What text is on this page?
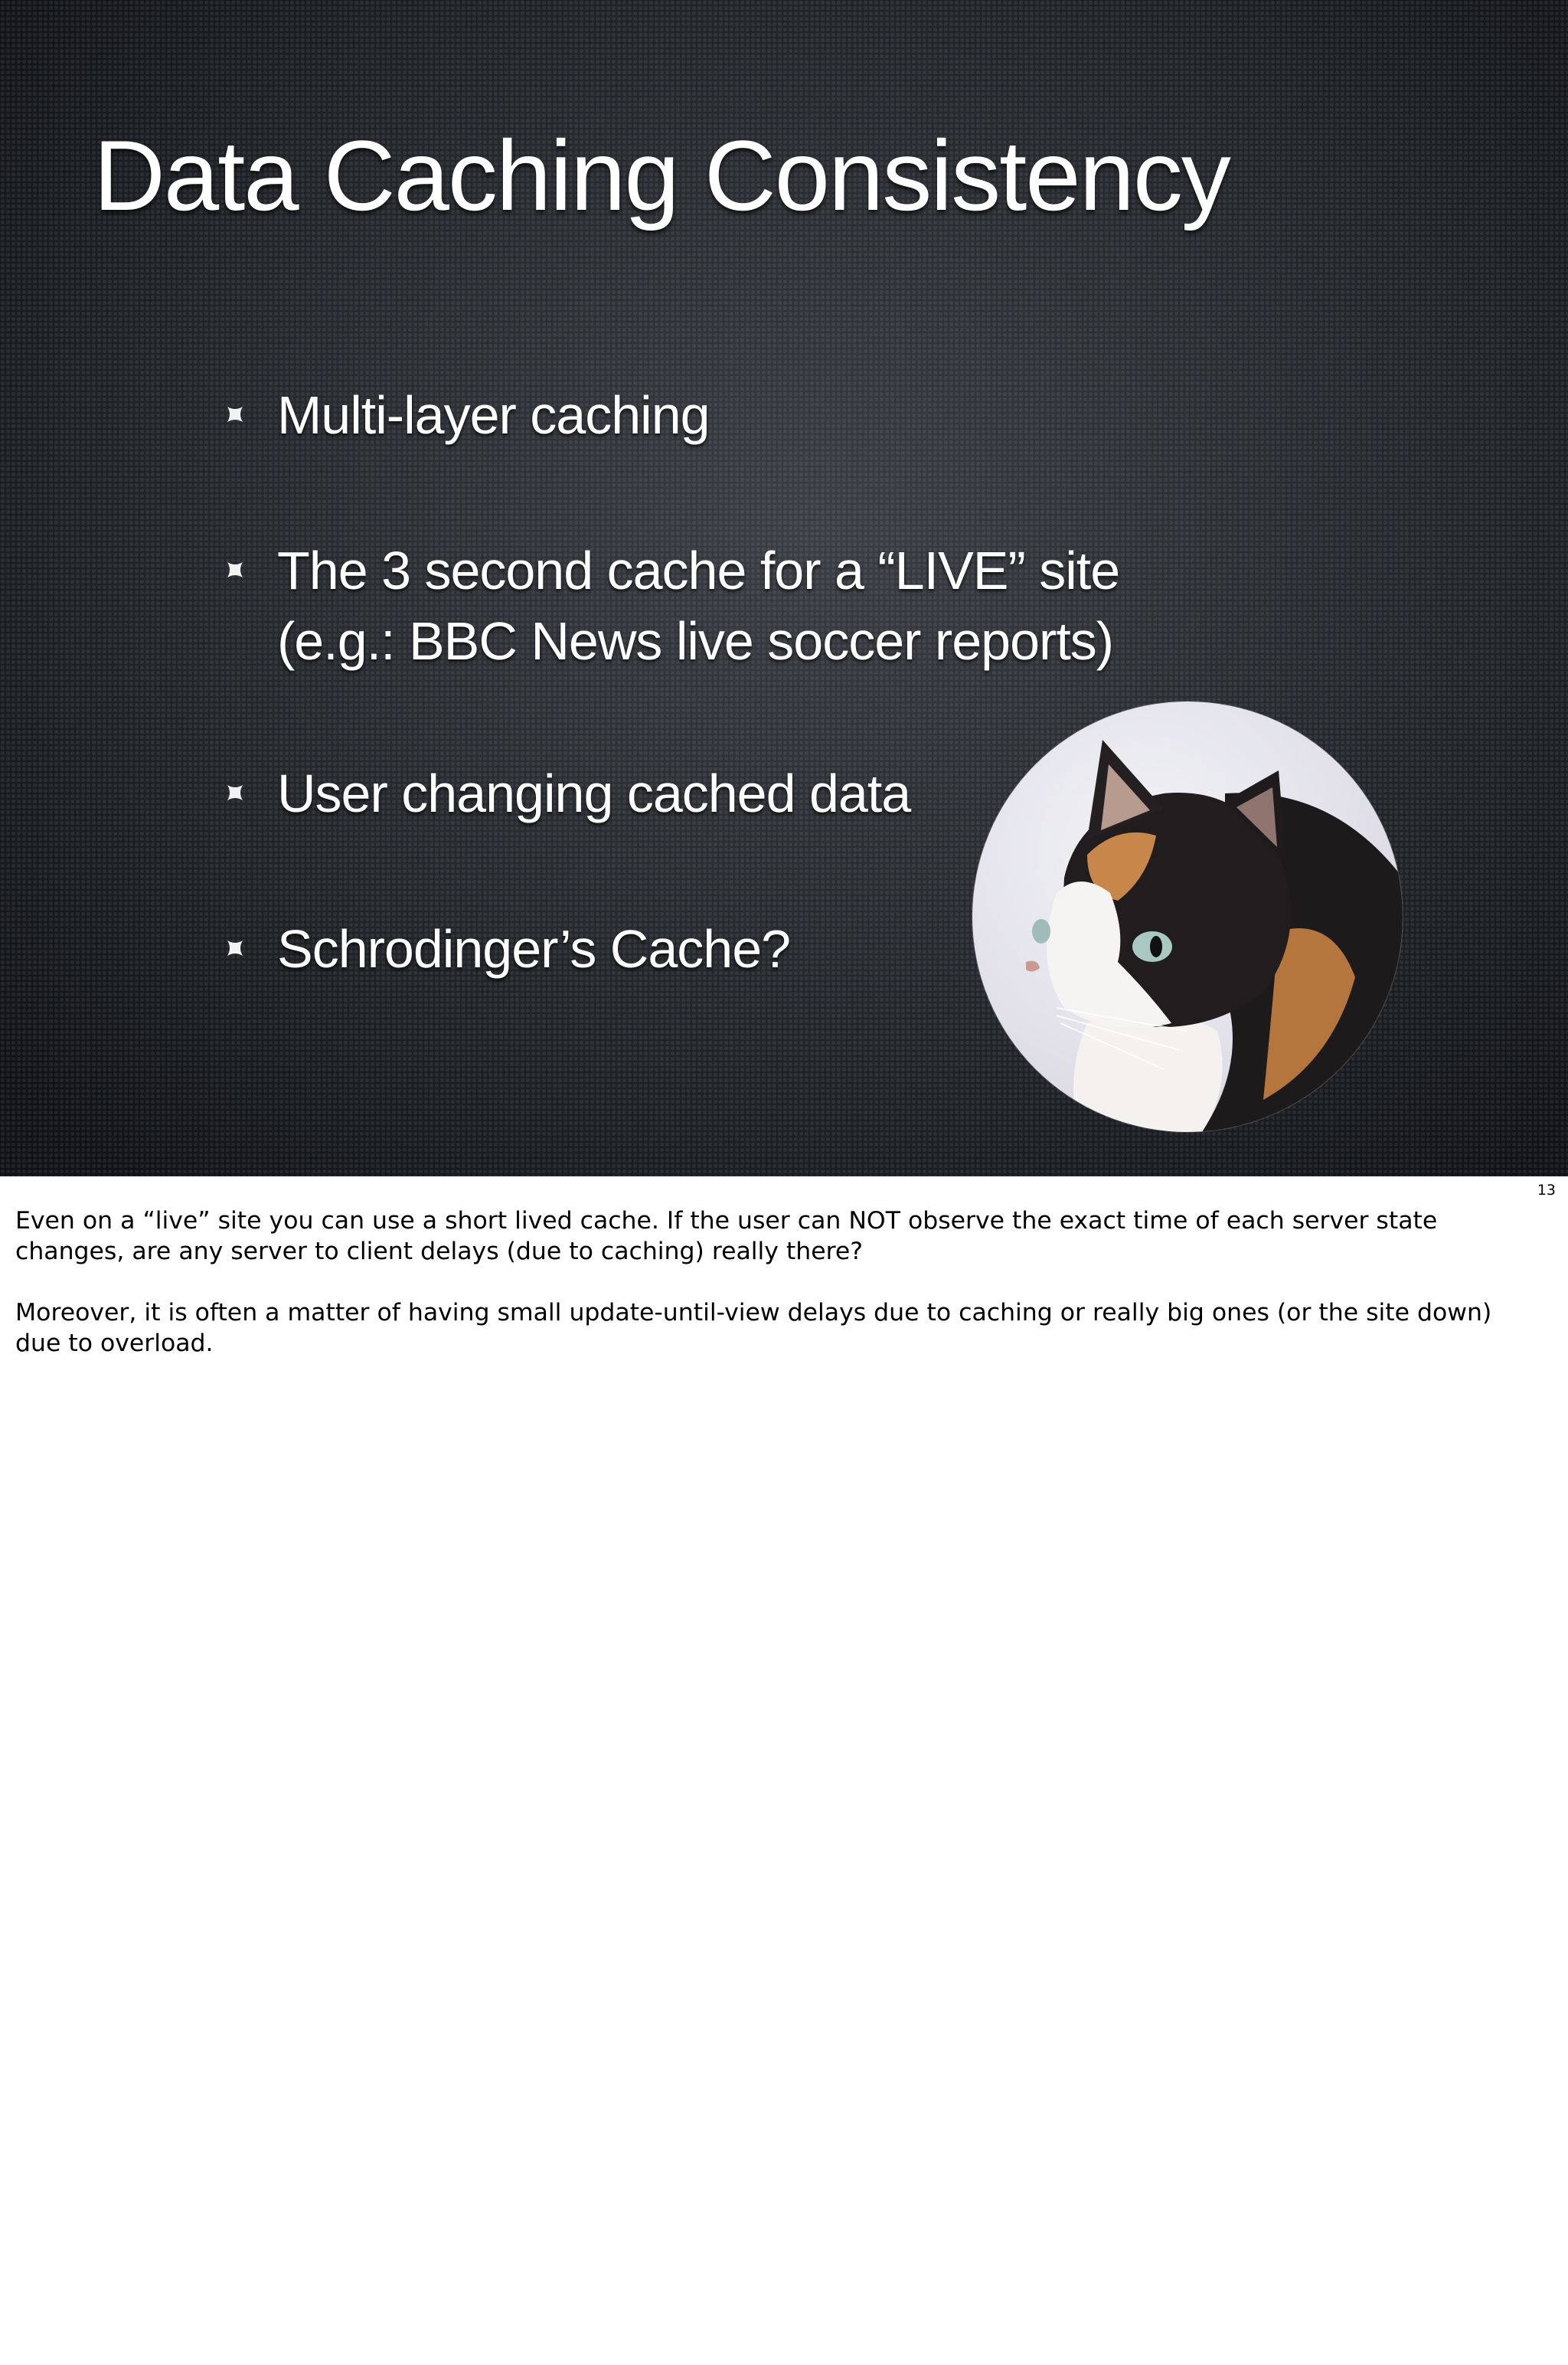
Data Caching Consistency
Multi-layer caching
The 3 second cache for a “LIVE” site
(e.g.: BBC News live soccer reports)
User changing cached data
Schrodinger’s Cache?
13

Even on a “live” site you can use a short lived cache. If the user can NOT observe the exact time of each server state changes, are any server to client delays (due to caching) really there?

Moreover, it is often a matter of having small update-until-view delays due to caching or really big ones (or the site down) due to overload.
